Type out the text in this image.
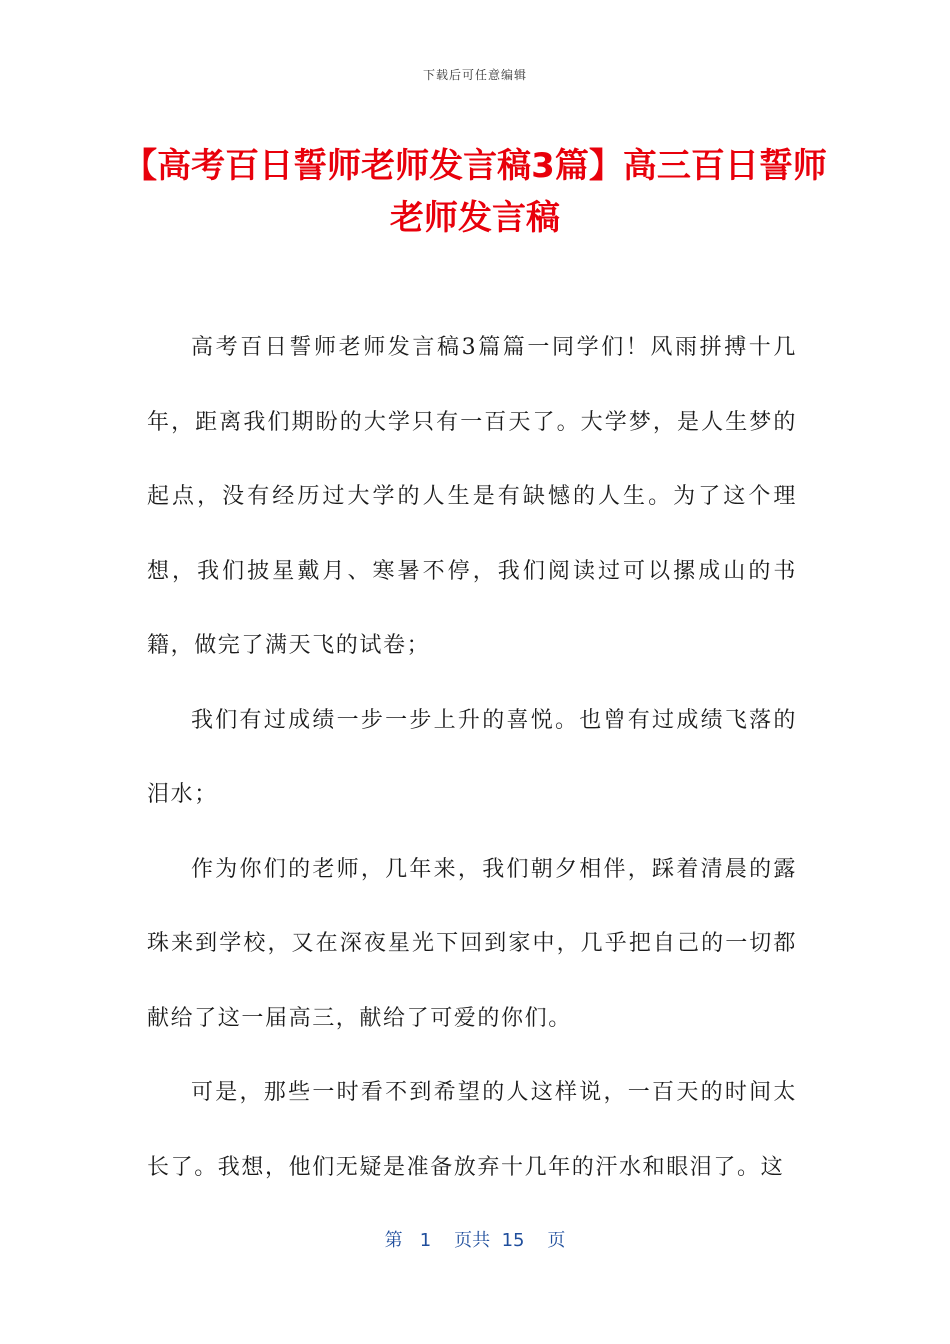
下载后可任意编辑
【高考百日誓师老师发言稿3篇】高三百日誓师老师发言稿

高考百日誓师老师发言稿3篇篇一同学们！风雨拼搏十几年，距离我们期盼的大学只有一百天了。大学梦，是人生梦的起点，没有经历过大学的人生是有缺憾的人生。为了这个理想，我们披星戴月、寒暑不停，我们阅读过可以摞成山的书籍，做完了满天飞的试卷；

我们有过成绩一步一步上升的喜悦。也曾有过成绩飞落的泪水；

作为你们的老师，几年来，我们朝夕相伴，踩着清晨的露珠来到学校，又在深夜星光下回到家中，几乎把自己的一切都献给了这一届高三，献给了可爱的你们。

可是，那些一时看不到希望的人这样说，一百天的时间太长了。我想，他们无疑是准备放弃十几年的汗水和眼泪了。这

第 1 页共 15 页
